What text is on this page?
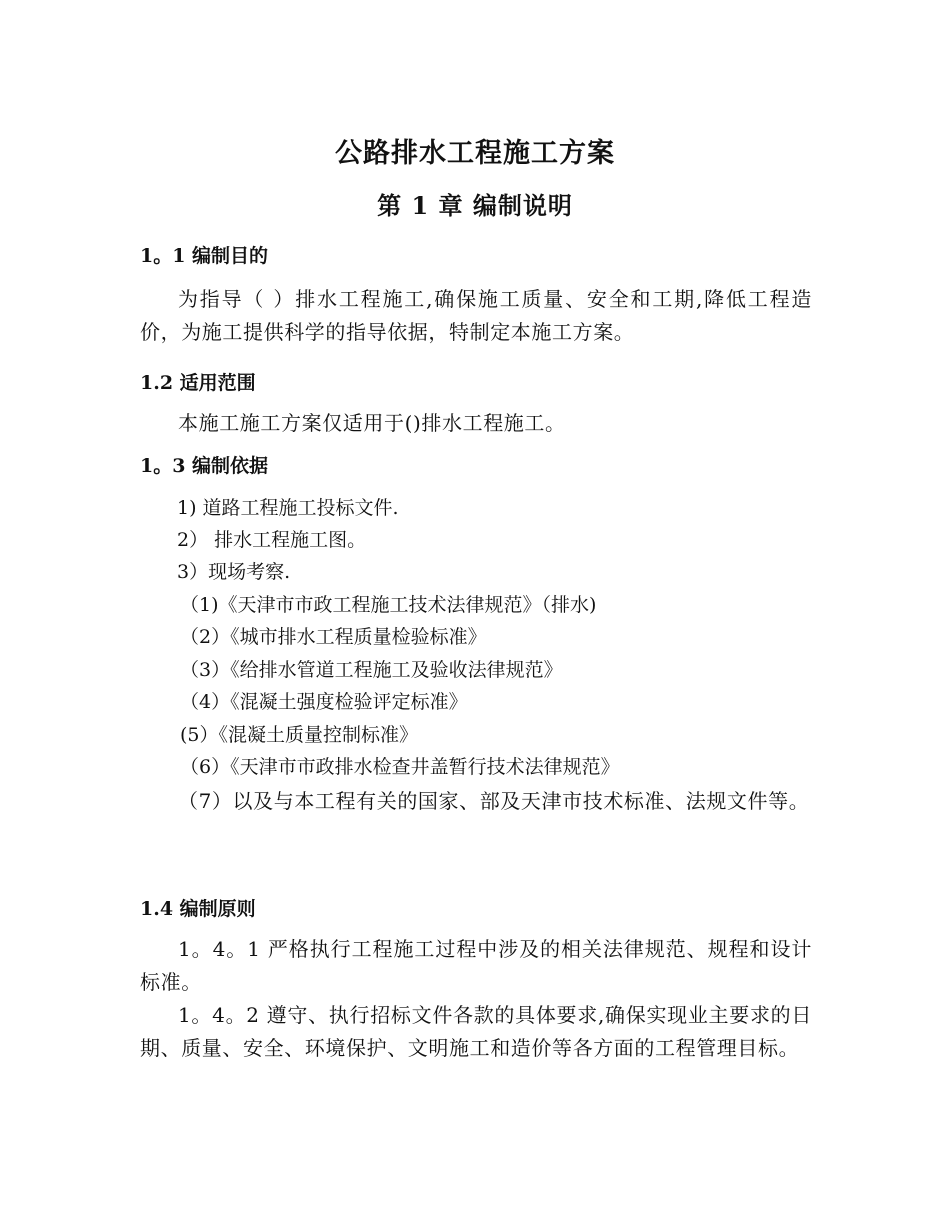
公路排水工程施工方案
第 1 章 编制说明
1。1 编制目的
为指导（ ）排水工程施工,确保施工质量、安全和工期,降低工程造价，为施工提供科学的指导依据，特制定本施工方案。
1.2 适用范围
本施工施工方案仅适用于()排水工程施工。
1。3 编制依据
1) 道路工程施工投标文件.
2） 排水工程施工图。
3）现场考察.
（1)《天津市市政工程施工技术法律规范》（排水)
（2）《城市排水工程质量检验标准》
（3）《给排水管道工程施工及验收法律规范》
（4）《混凝土强度检验评定标准》
(5）《混凝土质量控制标准》
（6）《天津市市政排水检查井盖暂行技术法律规范》
（7）以及与本工程有关的国家、部及天津市技术标准、法规文件等。
1.4 编制原则
1。4。1 严格执行工程施工过程中涉及的相关法律规范、规程和设计标准。
1。4。2 遵守、执行招标文件各款的具体要求,确保实现业主要求的日期、质量、安全、环境保护、文明施工和造价等各方面的工程管理目标。
